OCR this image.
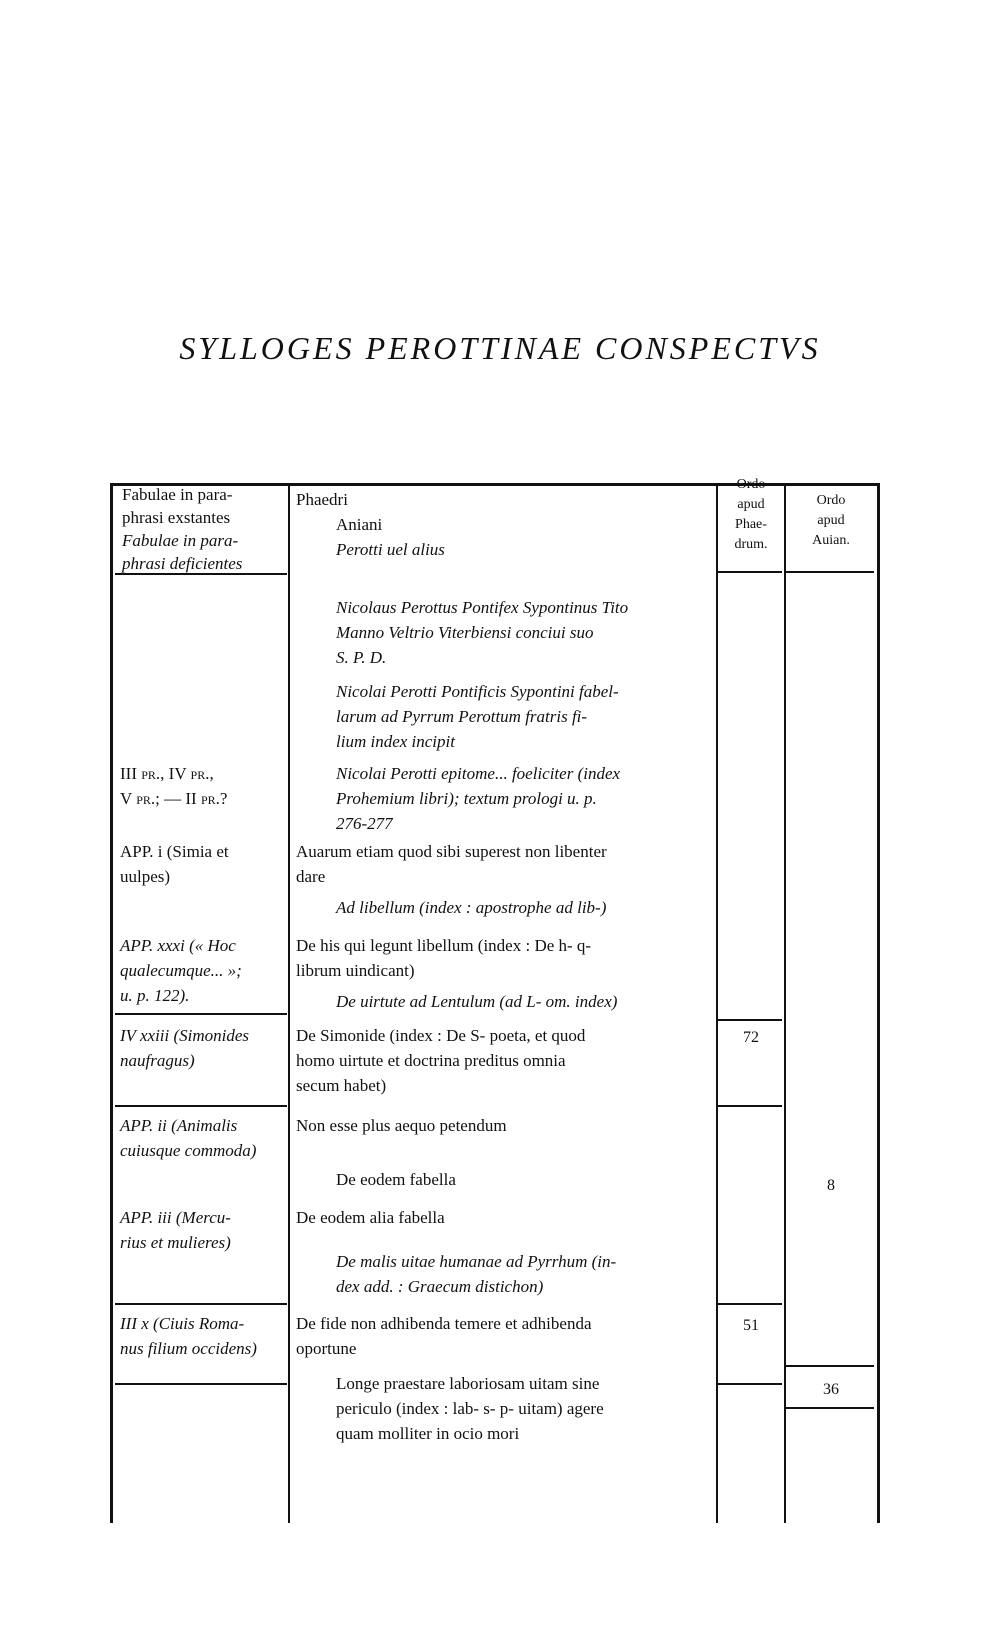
SYLLOGES PEROTTINAE CONSPECTVS
Fabulae in para-
phrasi exstantes
Fabulae in para-
phrasi deficientes
Phaedri
Aniani
Perotti uel alius
Ordo
apud
Phae-
drum.
Ordo
apud
Auian.
Nicolaus Perottus Pontifex Sypontinus Tito
Manno Veltrio Viterbiensi conciui suo
S. P. D.
Nicolai Perotti Pontificis Sypontini fabel-
larum ad Pyrrum Perottum fratris fi-
lium index incipit
III pr., IV pr.,
V pr.; — II pr.?
Nicolai Perotti epitome... foeliciter (index
Prohemium libri); textum prologi u. p.
276-277
APP. i (Simia et
uulpes)
Auarum etiam quod sibi superest non libenter
dare
Ad libellum (index : apostrophe ad lib-)
APP. xxxi (« Hoc
qualecumque... »;
u. p. 122).
De his qui legunt libellum (index : De h- q-
librum uindicant)
De uirtute ad Lentulum (ad L- om. index)
IV xxiii (Simonides
naufragus)
De Simonide (index : De S- poeta, et quod
homo uirtute et doctrina preditus omnia
secum habet)
72
APP. ii (Animalis
cuiusque commoda)
Non esse plus aequo petendum
De eodem fabella	8
APP. iii (Mercu-
rius et mulieres)
De eodem alia fabella
De malis uitae humanae ad Pyrrhum (in-
dex add. : Graecum distichon)
III x (Ciuis Roma-
nus filium occidens)
De fide non adhibenda temere et adhibenda
oportune
51
Longe praestare laboriosam uitam sine
periculo (index : lab- s- p- uitam) agere
quam molliter in ocio mori
36
